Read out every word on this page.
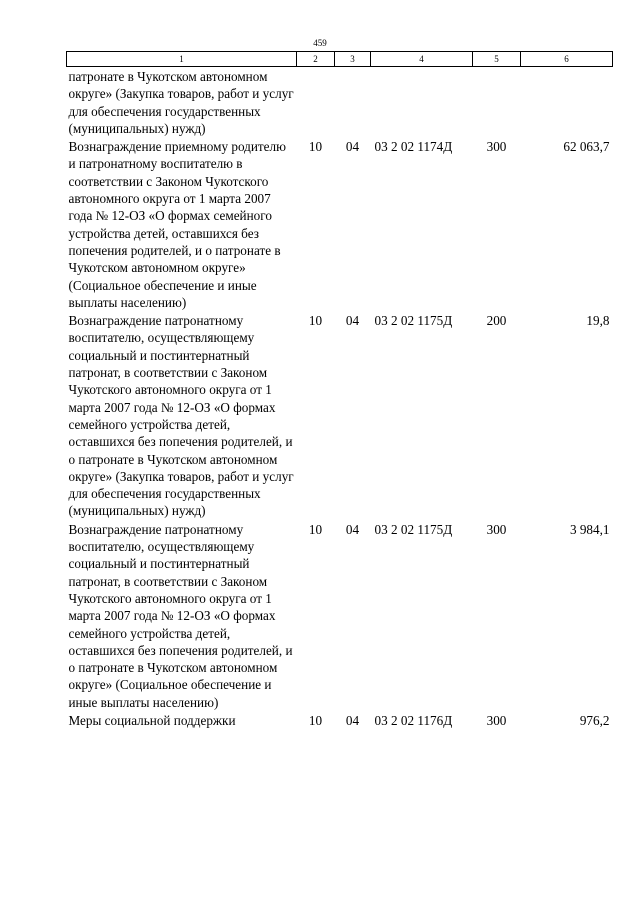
459
1	2	3	4	5	6
патронате в Чукотском автономном округе» (Закупка товаров, работ и услуг для обеспечения государственных (муниципальных) нужд)					
Вознаграждение приемному родителю и патронатному воспитателю в соответствии с Законом Чукотского автономного округа от 1 марта 2007 года № 12-ОЗ «О формах семейного устройства детей, оставшихся без попечения родителей, и о патронате в Чукотском автономном округе» (Социальное обеспечение и иные выплаты населению)	10	04	03 2 02 1174Д	300	62 063,7
Вознаграждение патронатному воспитателю, осуществляющему социальный и постинтернатный патронат, в соответствии с Законом Чукотского автономного округа от 1 марта 2007 года № 12-ОЗ «О формах семейного устройства детей, оставшихся без попечения родителей, и о патронате в Чукотском автономном округе» (Закупка товаров, работ и услуг для обеспечения государственных (муниципальных) нужд)	10	04	03 2 02 1175Д	200	19,8
Вознаграждение патронатному воспитателю, осуществляющему социальный и постинтернатный патронат, в соответствии с Законом Чукотского автономного округа от 1 марта 2007 года № 12-ОЗ «О формах семейного устройства детей, оставшихся без попечения родителей, и о патронате в Чукотском автономном округе» (Социальное обеспечение и иные выплаты населению)	10	04	03 2 02 1175Д	300	3 984,1
Меры социальной поддержки	10	04	03 2 02 1176Д	300	976,2
